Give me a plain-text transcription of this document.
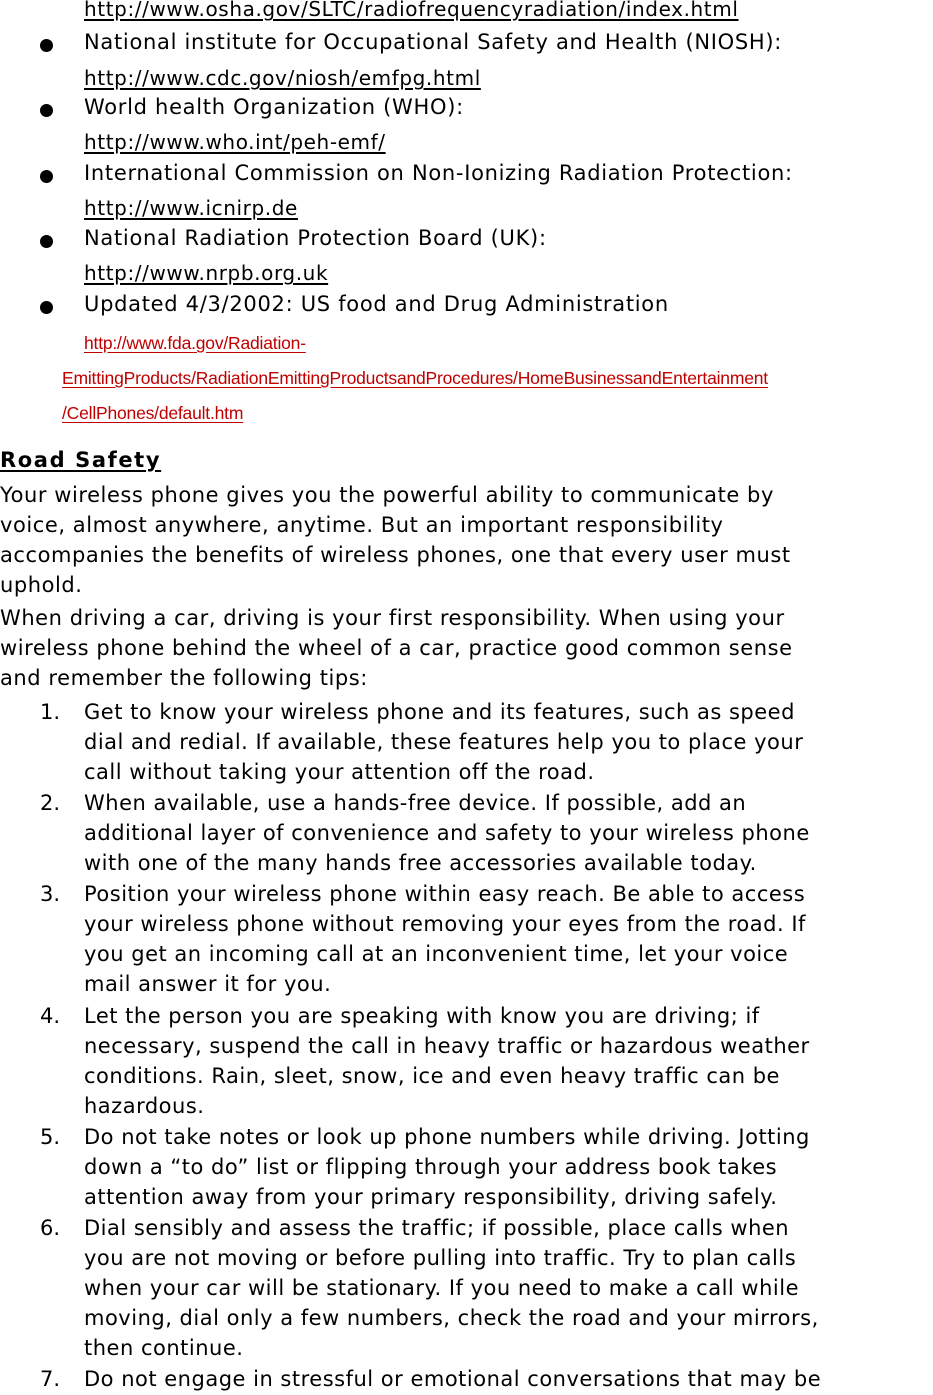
http://www.osha.gov/SLTC/radiofrequencyradiation/index.html
National institute for Occupational Safety and Health (NIOSH):
http://www.cdc.gov/niosh/emfpg.html
World health Organization (WHO):
http://www.who.int/peh-emf/
International Commission on Non-Ionizing Radiation Protection:
http://www.icnirp.de
National Radiation Protection Board (UK):
http://www.nrpb.org.uk
Updated 4/3/2002: US food and Drug Administration
http://www.fda.gov/Radiation-
EmittingProducts/RadiationEmittingProductsandProcedures/HomeBusinessandEntertainment
/CellPhones/default.htm
Road Safety
Your wireless phone gives you the powerful ability to communicate by
voice, almost anywhere, anytime. But an important responsibility
accompanies the benefits of wireless phones, one that every user must
uphold.
When driving a car, driving is your first responsibility. When using your
wireless phone behind the wheel of a car, practice good common sense
and remember the following tips:
1. Get to know your wireless phone and its features, such as speed
dial and redial. If available, these features help you to place your
call without taking your attention off the road.
2. When available, use a hands-free device. If possible, add an
additional layer of convenience and safety to your wireless phone
with one of the many hands free accessories available today.
3. Position your wireless phone within easy reach. Be able to access
your wireless phone without removing your eyes from the road. If
you get an incoming call at an inconvenient time, let your voice
mail answer it for you.
4. Let the person you are speaking with know you are driving; if
necessary, suspend the call in heavy traffic or hazardous weather
conditions. Rain, sleet, snow, ice and even heavy traffic can be
hazardous.
5. Do not take notes or look up phone numbers while driving. Jotting
down a “to do” list or flipping through your address book takes
attention away from your primary responsibility, driving safely.
6. Dial sensibly and assess the traffic; if possible, place calls when
you are not moving or before pulling into traffic. Try to plan calls
when your car will be stationary. If you need to make a call while
moving, dial only a few numbers, check the road and your mirrors,
then continue.
7. Do not engage in stressful or emotional conversations that may be
